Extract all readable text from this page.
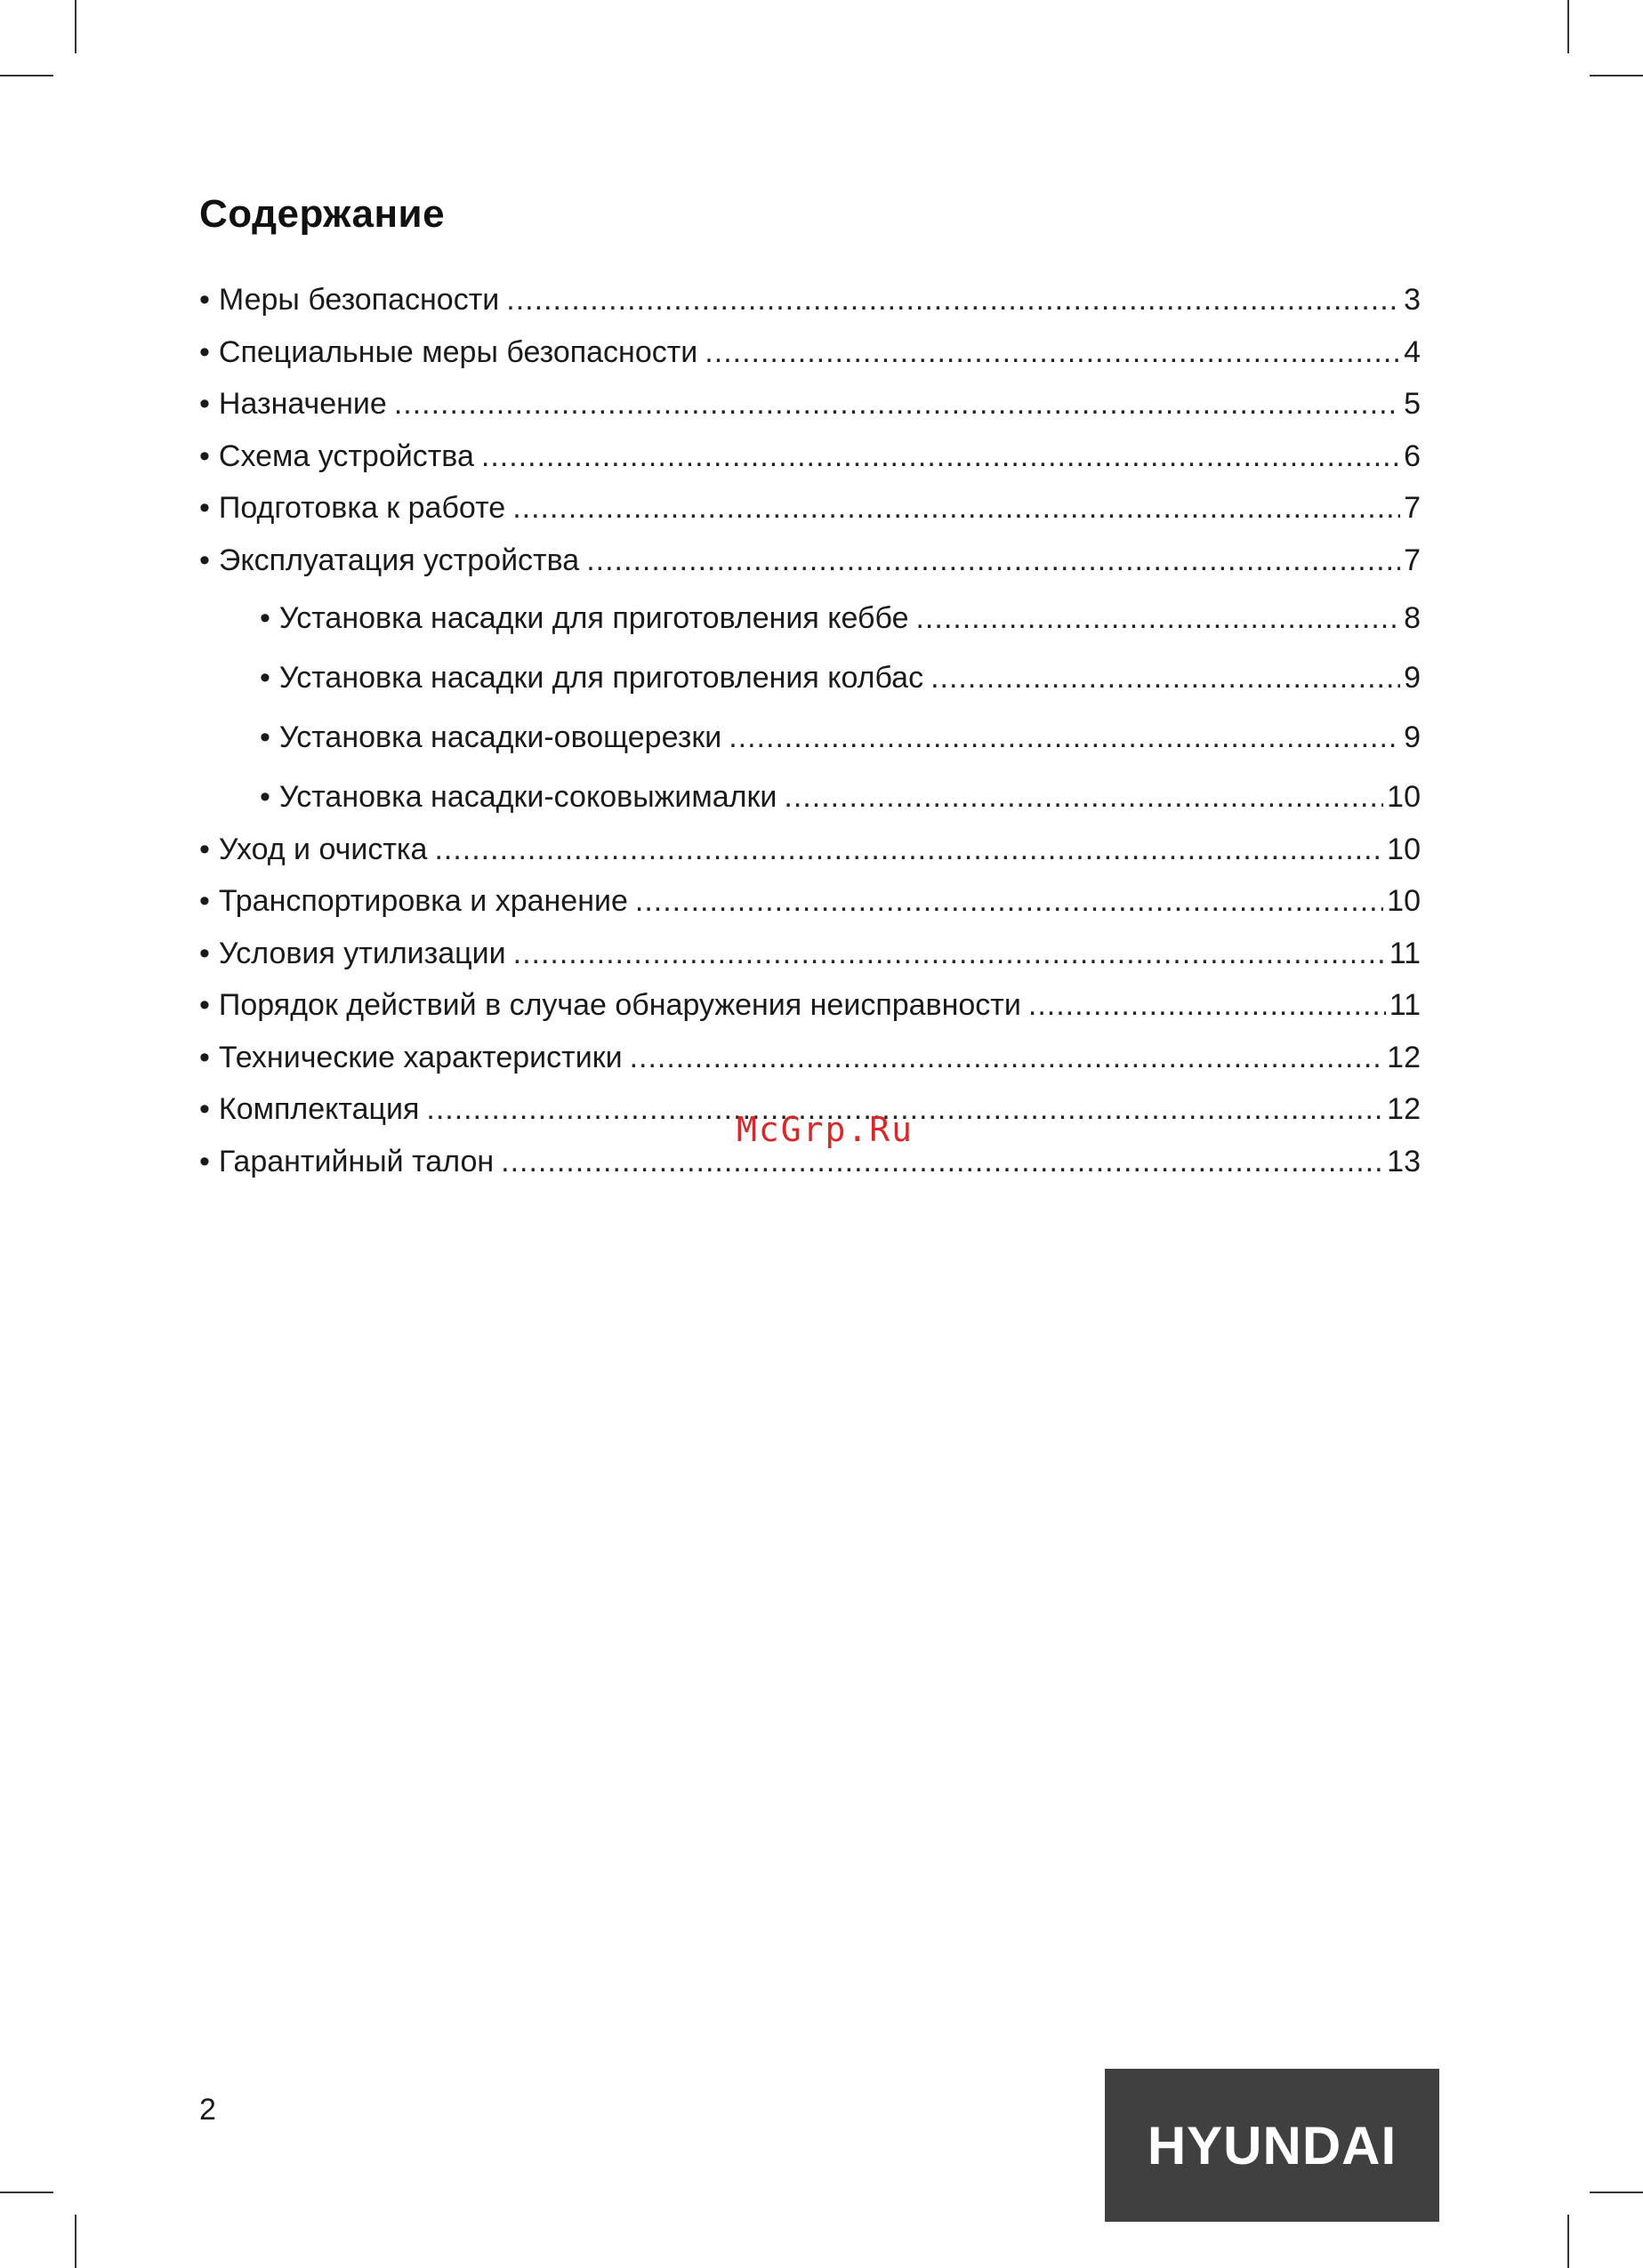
Содержание
• Меры безопасности .....	3
• Специальные меры безопасности .....	4
• Назначение .....	5
• Схема устройства .....	6
• Подготовка к работе .....	7
• Эксплуатация устройства .....	7
• Установка насадки для приготовления кеббе .....	8
• Установка насадки для приготовления колбас .....	9
• Установка насадки-овощерезки .....	9
• Установка насадки-соковыжималки .....	10
• Уход и очистка .....	10
• Транспортировка и хранение .....	10
• Условия утилизации .....	11
• Порядок действий в случае обнаружения неисправности .....	11
• Технические характеристики .....	12
• Комплектация .....	12
• Гарантийный талон .....	13
McGrp.Ru
2
HYUNDAI
